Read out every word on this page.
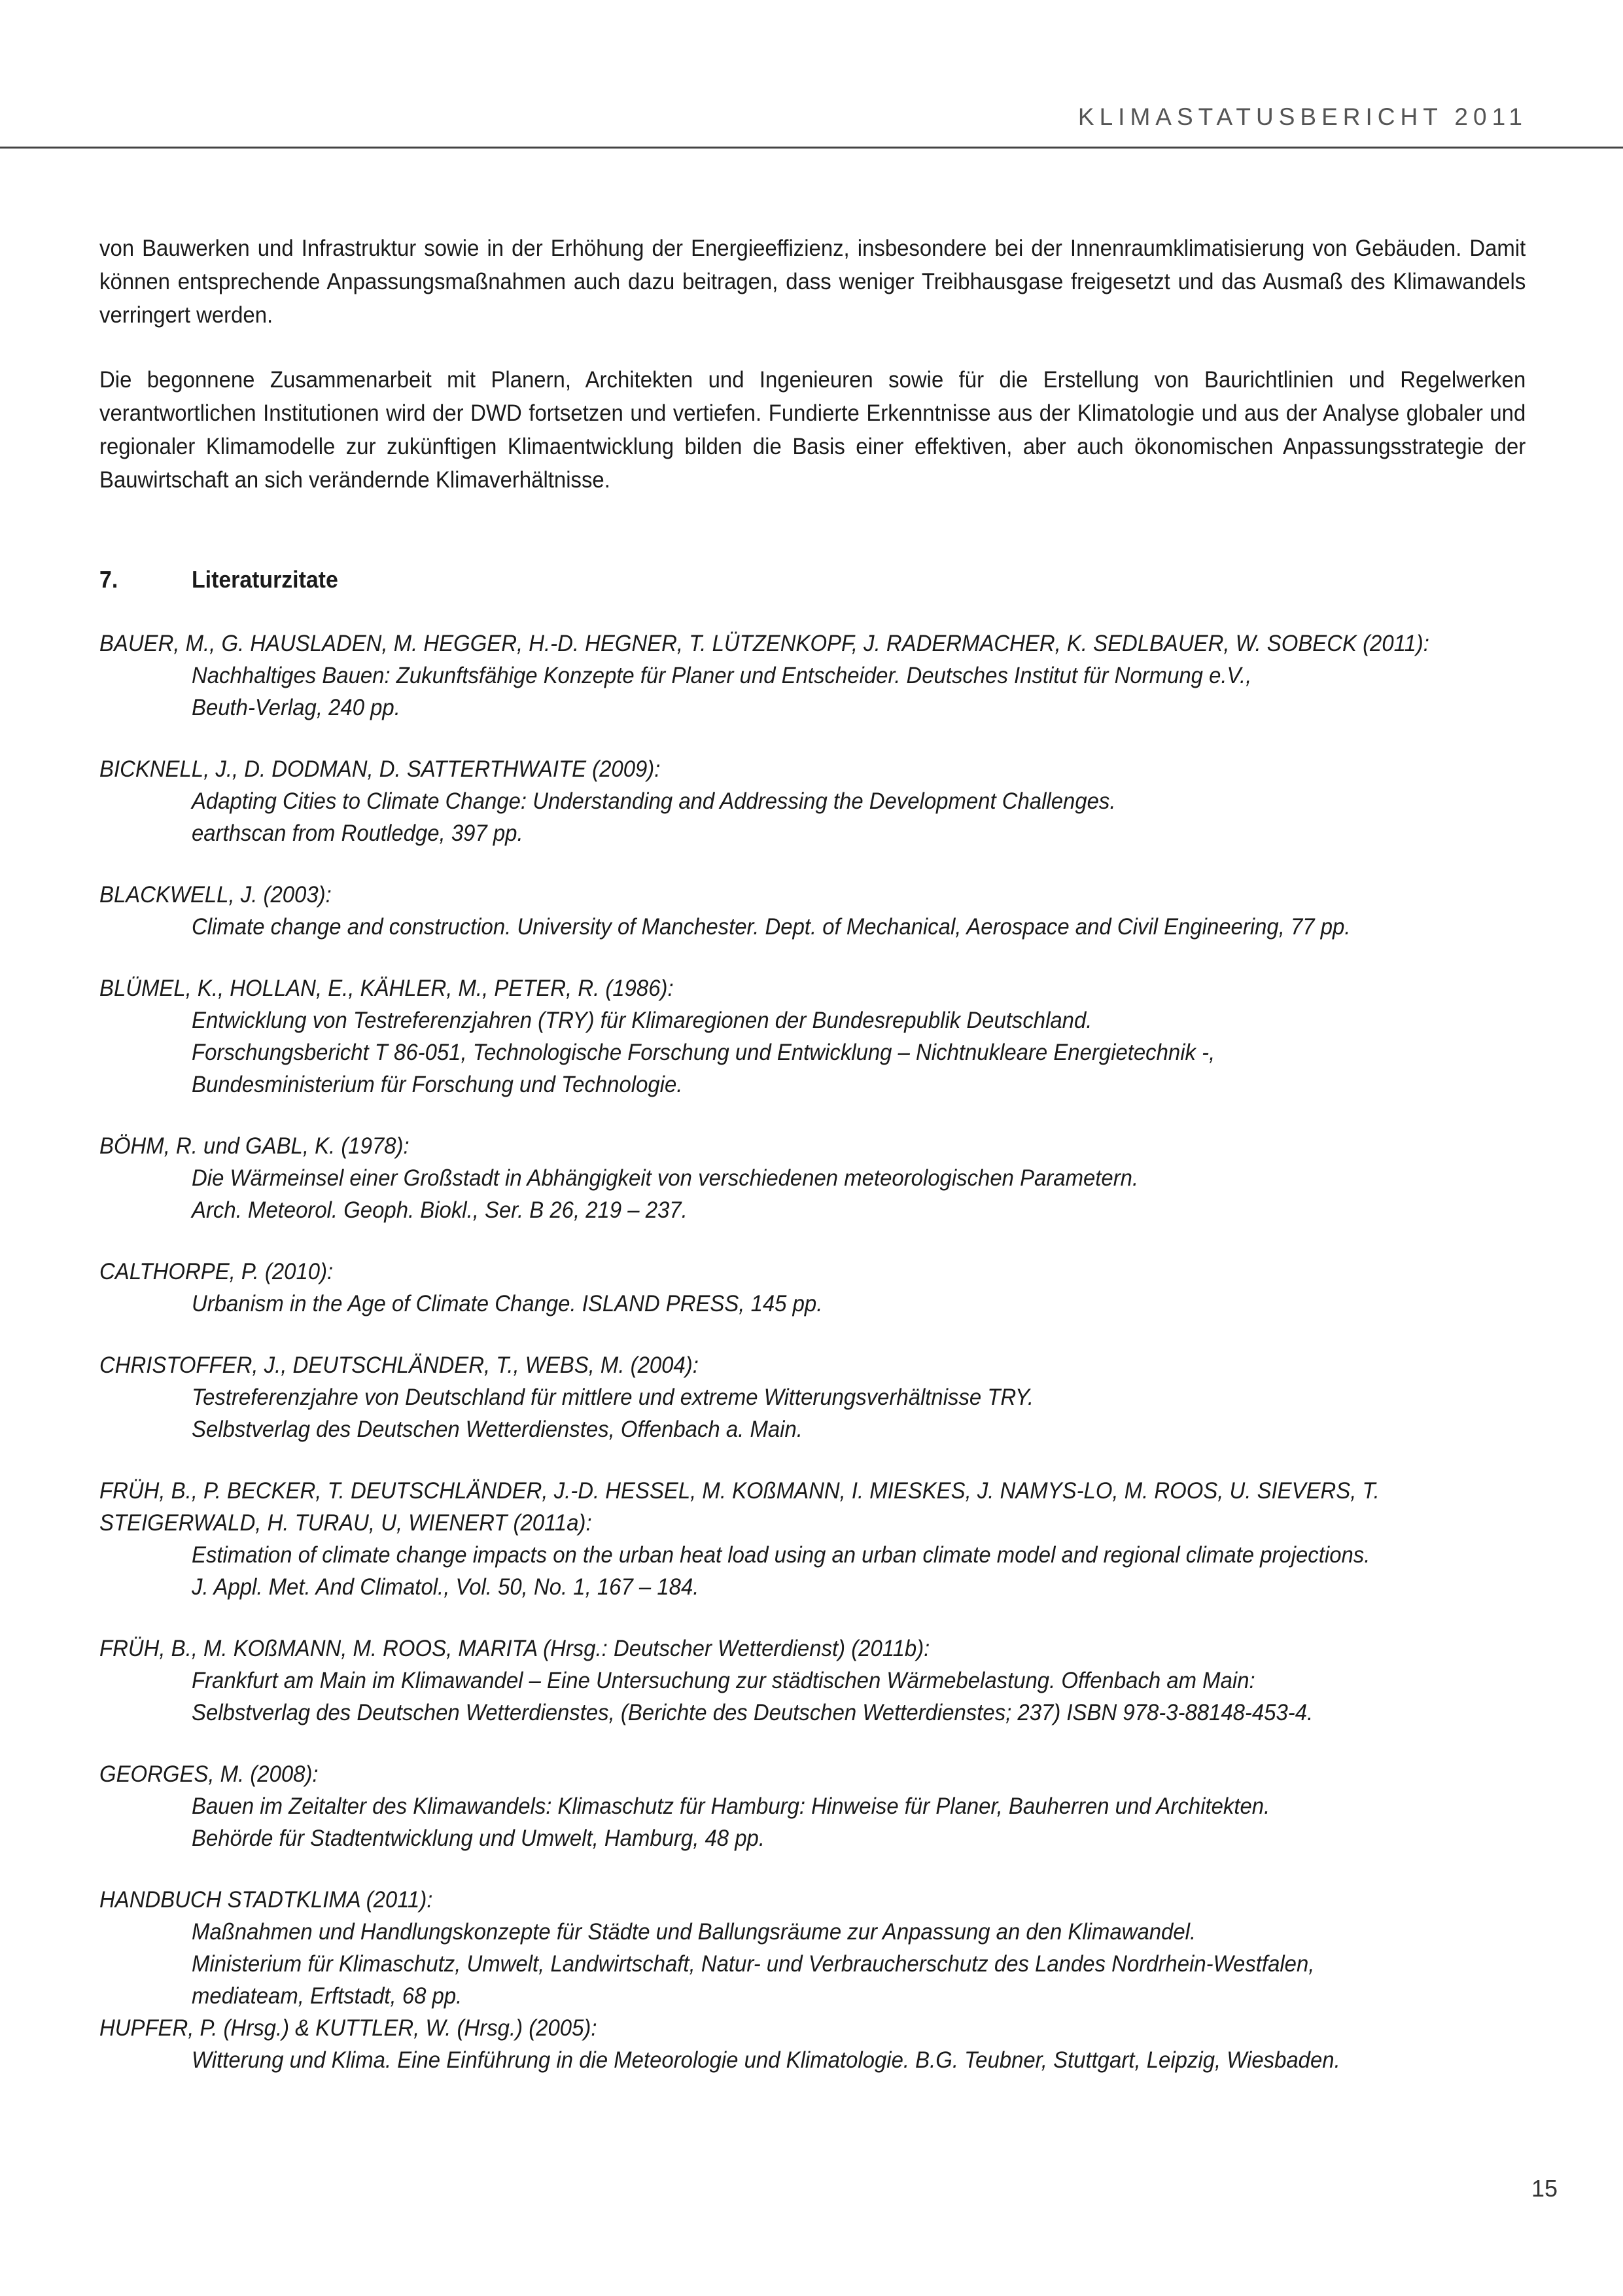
KLIMASTATUSBERICHT 2011

von Bauwerken und Infrastruktur sowie in der Erhöhung der Energieeffizienz, insbesondere bei der Innenraumklimatisierung von Gebäuden. Damit können entsprechende Anpassungsmaßnahmen auch dazu beitragen, dass weniger Treibhausgase freigesetzt und das Ausmaß des Klimawandels verringert werden.

Die begonnene Zusammenarbeit mit Planern, Architekten und Ingenieuren sowie für die Erstellung von Baurichtlinien und Regelwerken verantwortlichen Institutionen wird der DWD fortsetzen und vertiefen. Fundierte Erkenntnisse aus der Klimatologie und aus der Analyse globaler und regionaler Klimamodelle zur zukünftigen Klimaentwicklung bilden die Basis einer effektiven, aber auch ökonomischen Anpassungsstrategie der Bauwirtschaft an sich verändernde Klimaverhältnisse.

7.	Literaturzitate
BAUER, M., G. HAUSLADEN, M. HEGGER, H.-D. HEGNER, T. LÜTZENKOPF, J. RADERMACHER, K. SEDLBAUER, W. SOBECK (2011):
Nachhaltiges Bauen: Zukunftsfähige Konzepte für Planer und Entscheider. Deutsches Institut für Normung e.V.,
Beuth-Verlag, 240 pp.
BICKNELL, J., D. DODMAN, D. SATTERTHWAITE (2009):
Adapting Cities to Climate Change: Understanding and Addressing the Development Challenges.
earthscan from Routledge, 397 pp.
BLACKWELL, J. (2003):
Climate change and construction. University of Manchester. Dept. of Mechanical, Aerospace and Civil Engineering, 77 pp.
BLÜMEL, K., HOLLAN, E., KÄHLER, M., PETER, R. (1986):
Entwicklung von Testreferenzjahren (TRY) für Klimaregionen der Bundesrepublik Deutschland.
Forschungsbericht T 86-051, Technologische Forschung und Entwicklung – Nichtnukleare Energietechnik -,
Bundesministerium für Forschung und Technologie.
BÖHM, R. und GABL, K. (1978):
Die Wärmeinsel einer Großstadt in Abhängigkeit von verschiedenen meteorologischen Parametern.
Arch. Meteorol. Geoph. Biokl., Ser. B 26, 219 – 237.
CALTHORPE, P. (2010):
Urbanism in the Age of Climate Change. ISLAND PRESS, 145 pp.
CHRISTOFFER, J., DEUTSCHLÄNDER, T., WEBS, M. (2004):
Testreferenzjahre von Deutschland für mittlere und extreme Witterungsverhältnisse TRY.
Selbstverlag des Deutschen Wetterdienstes, Offenbach a. Main.
FRÜH, B., P. BECKER, T. DEUTSCHLÄNDER, J.-D. HESSEL, M. KOßMANN, I. MIESKES, J. NAMYS-LO, M. ROOS, U. SIEVERS, T. STEIGERWALD, H. TURAU, U, WIENERT (2011a):
Estimation of climate change impacts on the urban heat load using an urban climate model and regional climate projections.
J. Appl. Met. And Climatol., Vol. 50, No. 1, 167 – 184.
FRÜH, B., M. KOßMANN, M. ROOS, MARITA (Hrsg.: Deutscher Wetterdienst) (2011b):
Frankfurt am Main im Klimawandel – Eine Untersuchung zur städtischen Wärmebelastung. Offenbach am Main:
Selbstverlag des Deutschen Wetterdienstes, (Berichte des Deutschen Wetterdienstes; 237) ISBN 978-3-88148-453-4.
GEORGES, M. (2008):
Bauen im Zeitalter des Klimawandels: Klimaschutz für Hamburg: Hinweise für Planer, Bauherren und Architekten.
Behörde für Stadtentwicklung und Umwelt, Hamburg, 48 pp.
HANDBUCH STADTKLIMA (2011):
Maßnahmen und Handlungskonzepte für Städte und Ballungsräume zur Anpassung an den Klimawandel.
Ministerium für Klimaschutz, Umwelt, Landwirtschaft, Natur- und Verbraucherschutz des Landes Nordrhein-Westfalen,
mediateam, Erftstadt, 68 pp.
HUPFER, P. (Hrsg.) & KUTTLER, W. (Hrsg.) (2005):
Witterung und Klima. Eine Einführung in die Meteorologie und Klimatologie. B.G. Teubner, Stuttgart, Leipzig, Wiesbaden.

15
